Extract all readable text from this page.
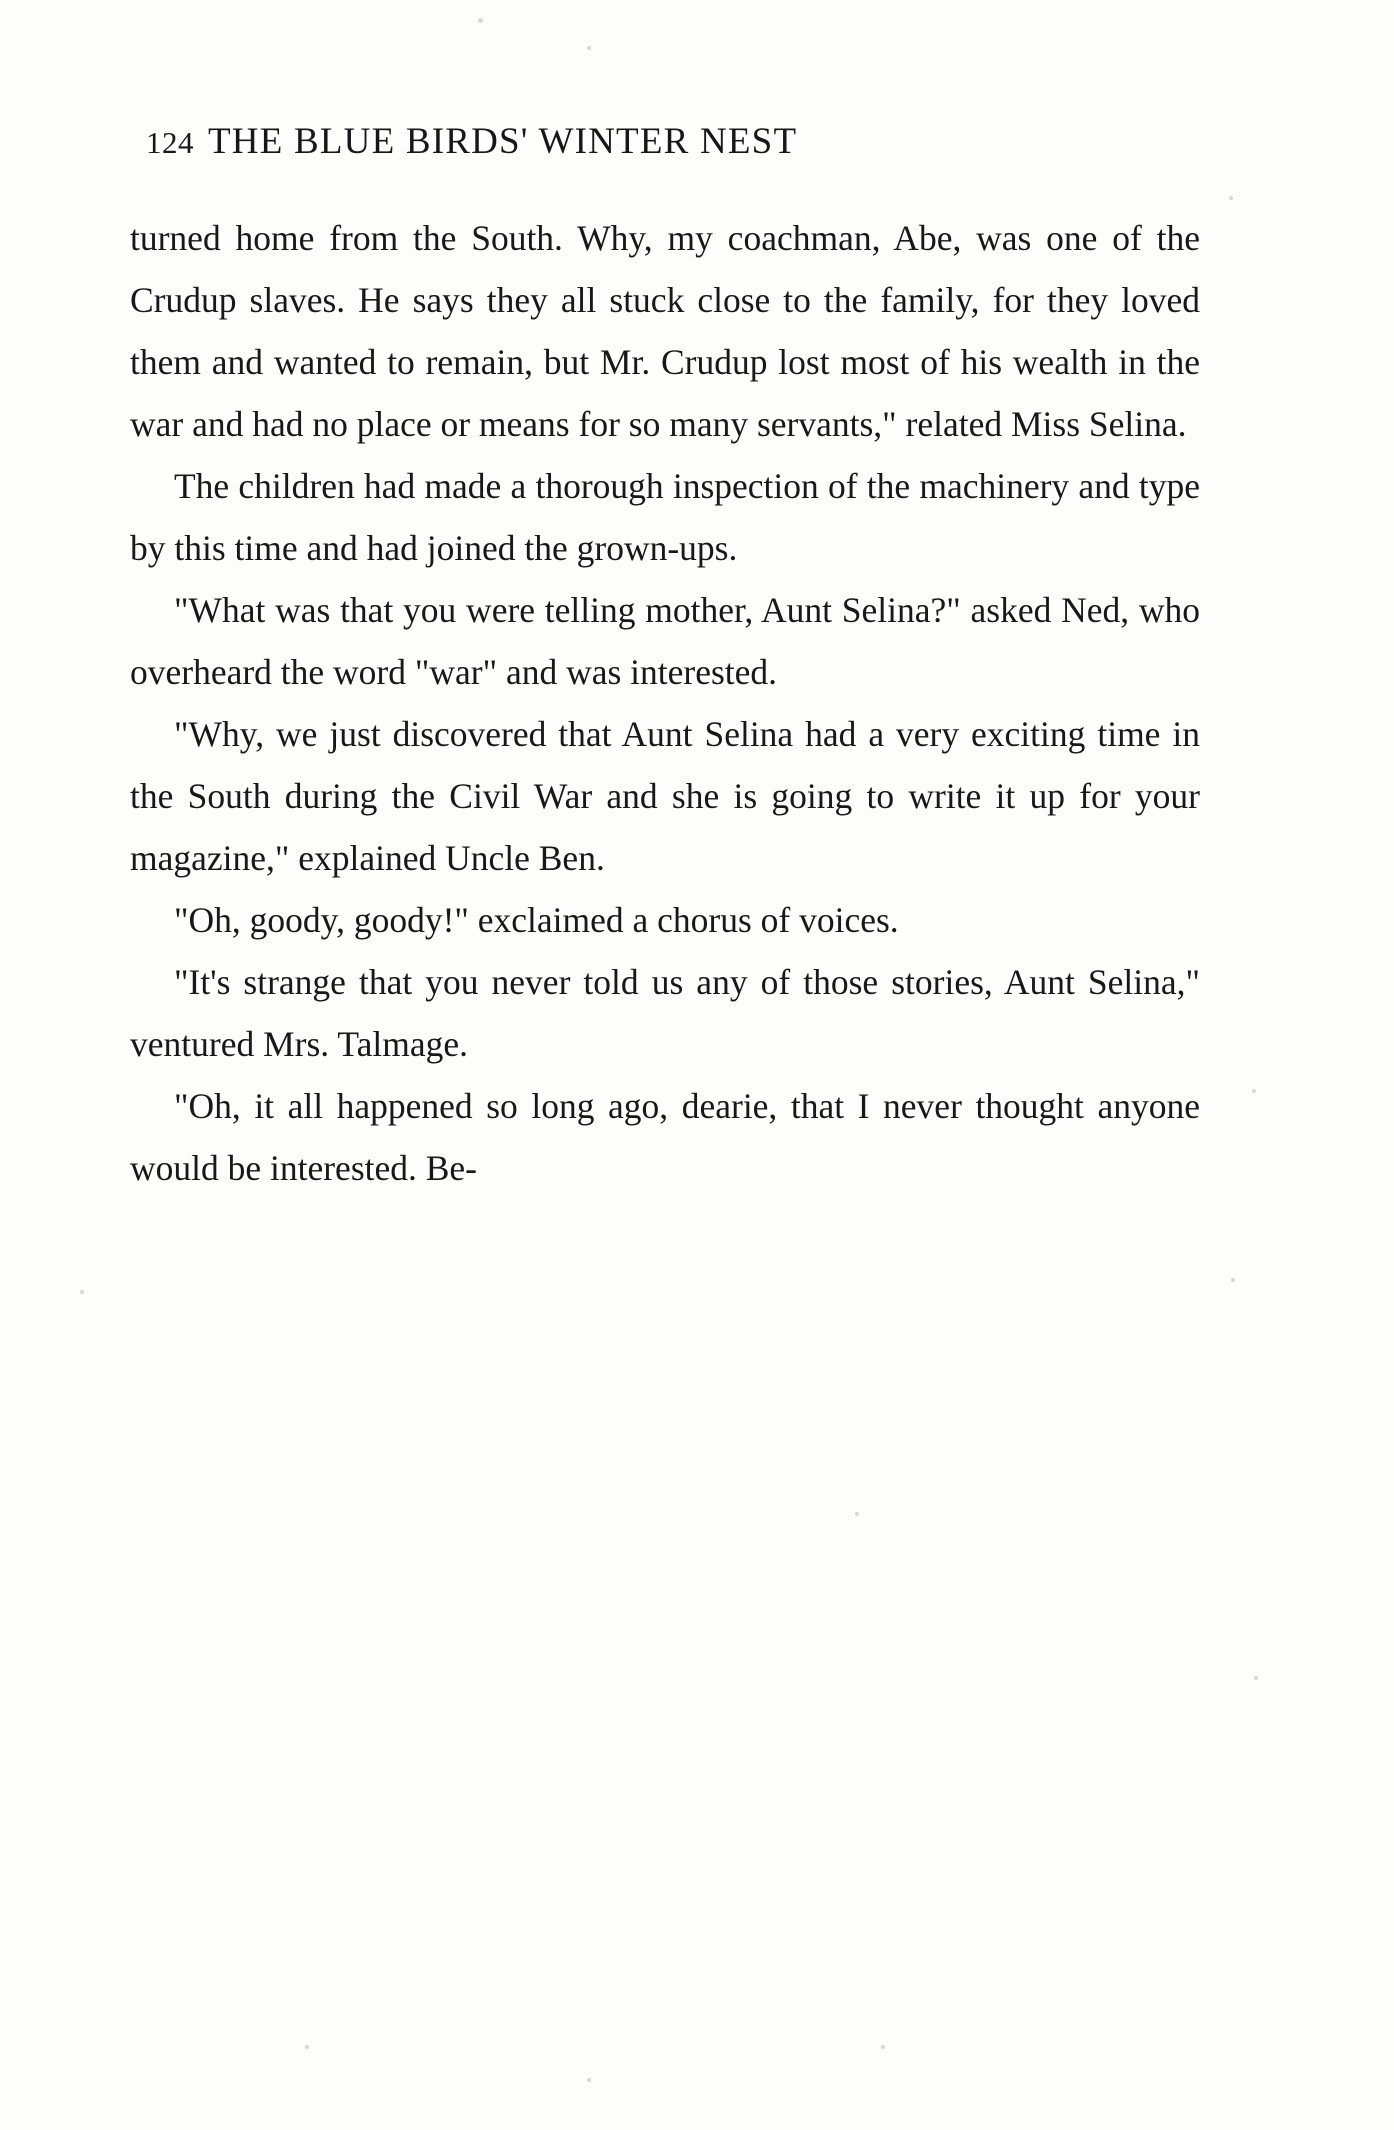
124 THE BLUE BIRDS' WINTER NEST

turned home from the South. Why, my coachman, Abe, was one of the Crudup slaves. He says they all stuck close to the family, for they loved them and wanted to remain, but Mr. Crudup lost most of his wealth in the war and had no place or means for so many servants," related Miss Selina.

The children had made a thorough inspection of the machinery and type by this time and had joined the grown-ups.

"What was that you were telling mother, Aunt Selina?" asked Ned, who overheard the word "war" and was interested.

"Why, we just discovered that Aunt Selina had a very exciting time in the South during the Civil War and she is going to write it up for your magazine," explained Uncle Ben.

"Oh, goody, goody!" exclaimed a chorus of voices.

"It's strange that you never told us any of those stories, Aunt Selina," ventured Mrs. Talmage.

"Oh, it all happened so long ago, dearie, that I never thought anyone would be interested. Be-
